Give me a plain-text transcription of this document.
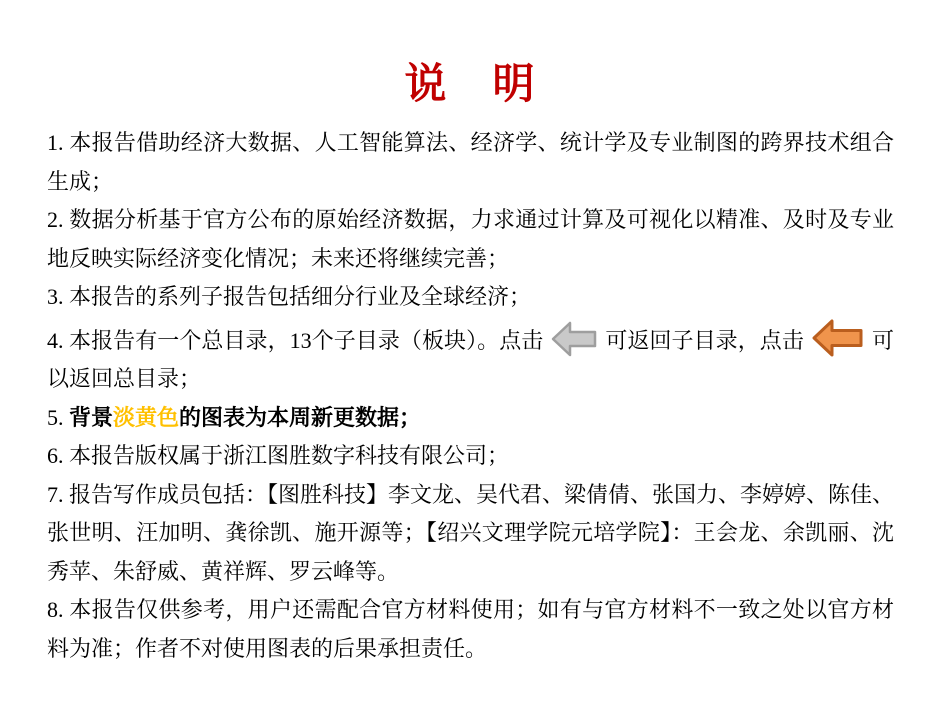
说　明

1. 本报告借助经济大数据、人工智能算法、经济学、统计学及专业制图的跨界技术组合生成；

2. 数据分析基于官方公布的原始经济数据，力求通过计算及可视化以精准、及时及专业地反映实际经济变化情况；未来还将继续完善；

3. 本报告的系列子报告包括细分行业及全球经济；

4. 本报告有一个总目录，13个子目录（板块）。点击	可返回子目录，点击	可以返回总目录；

5. 背景淡黄色的图表为本周新更数据；

6. 本报告版权属于浙江图胜数字科技有限公司；

7. 报告写作成员包括：【图胜科技】李文龙、吴代君、梁倩倩、张国力、李婷婷、陈佳、张世明、汪加明、龚徐凯、施开源等；【绍兴文理学院元培学院】：王会龙、余凯丽、沈秀苹、朱舒威、黄祥辉、罗云峰等。

8. 本报告仅供参考，用户还需配合官方材料使用；如有与官方材料不一致之处以官方材料为准；作者不对使用图表的后果承担责任。
